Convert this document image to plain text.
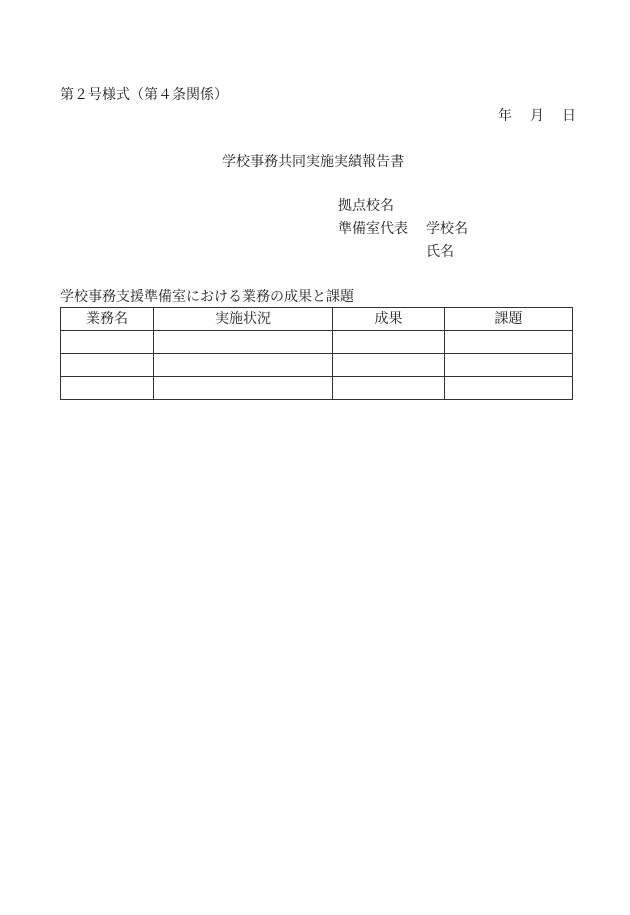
第２号様式（第４条関係）
年 月 日
学校事務共同実施実績報告書
拠点校名
準備室代表 学校名
氏名
学校事務支援準備室における業務の成果と課題
業務名	実施状況	成果	課題
